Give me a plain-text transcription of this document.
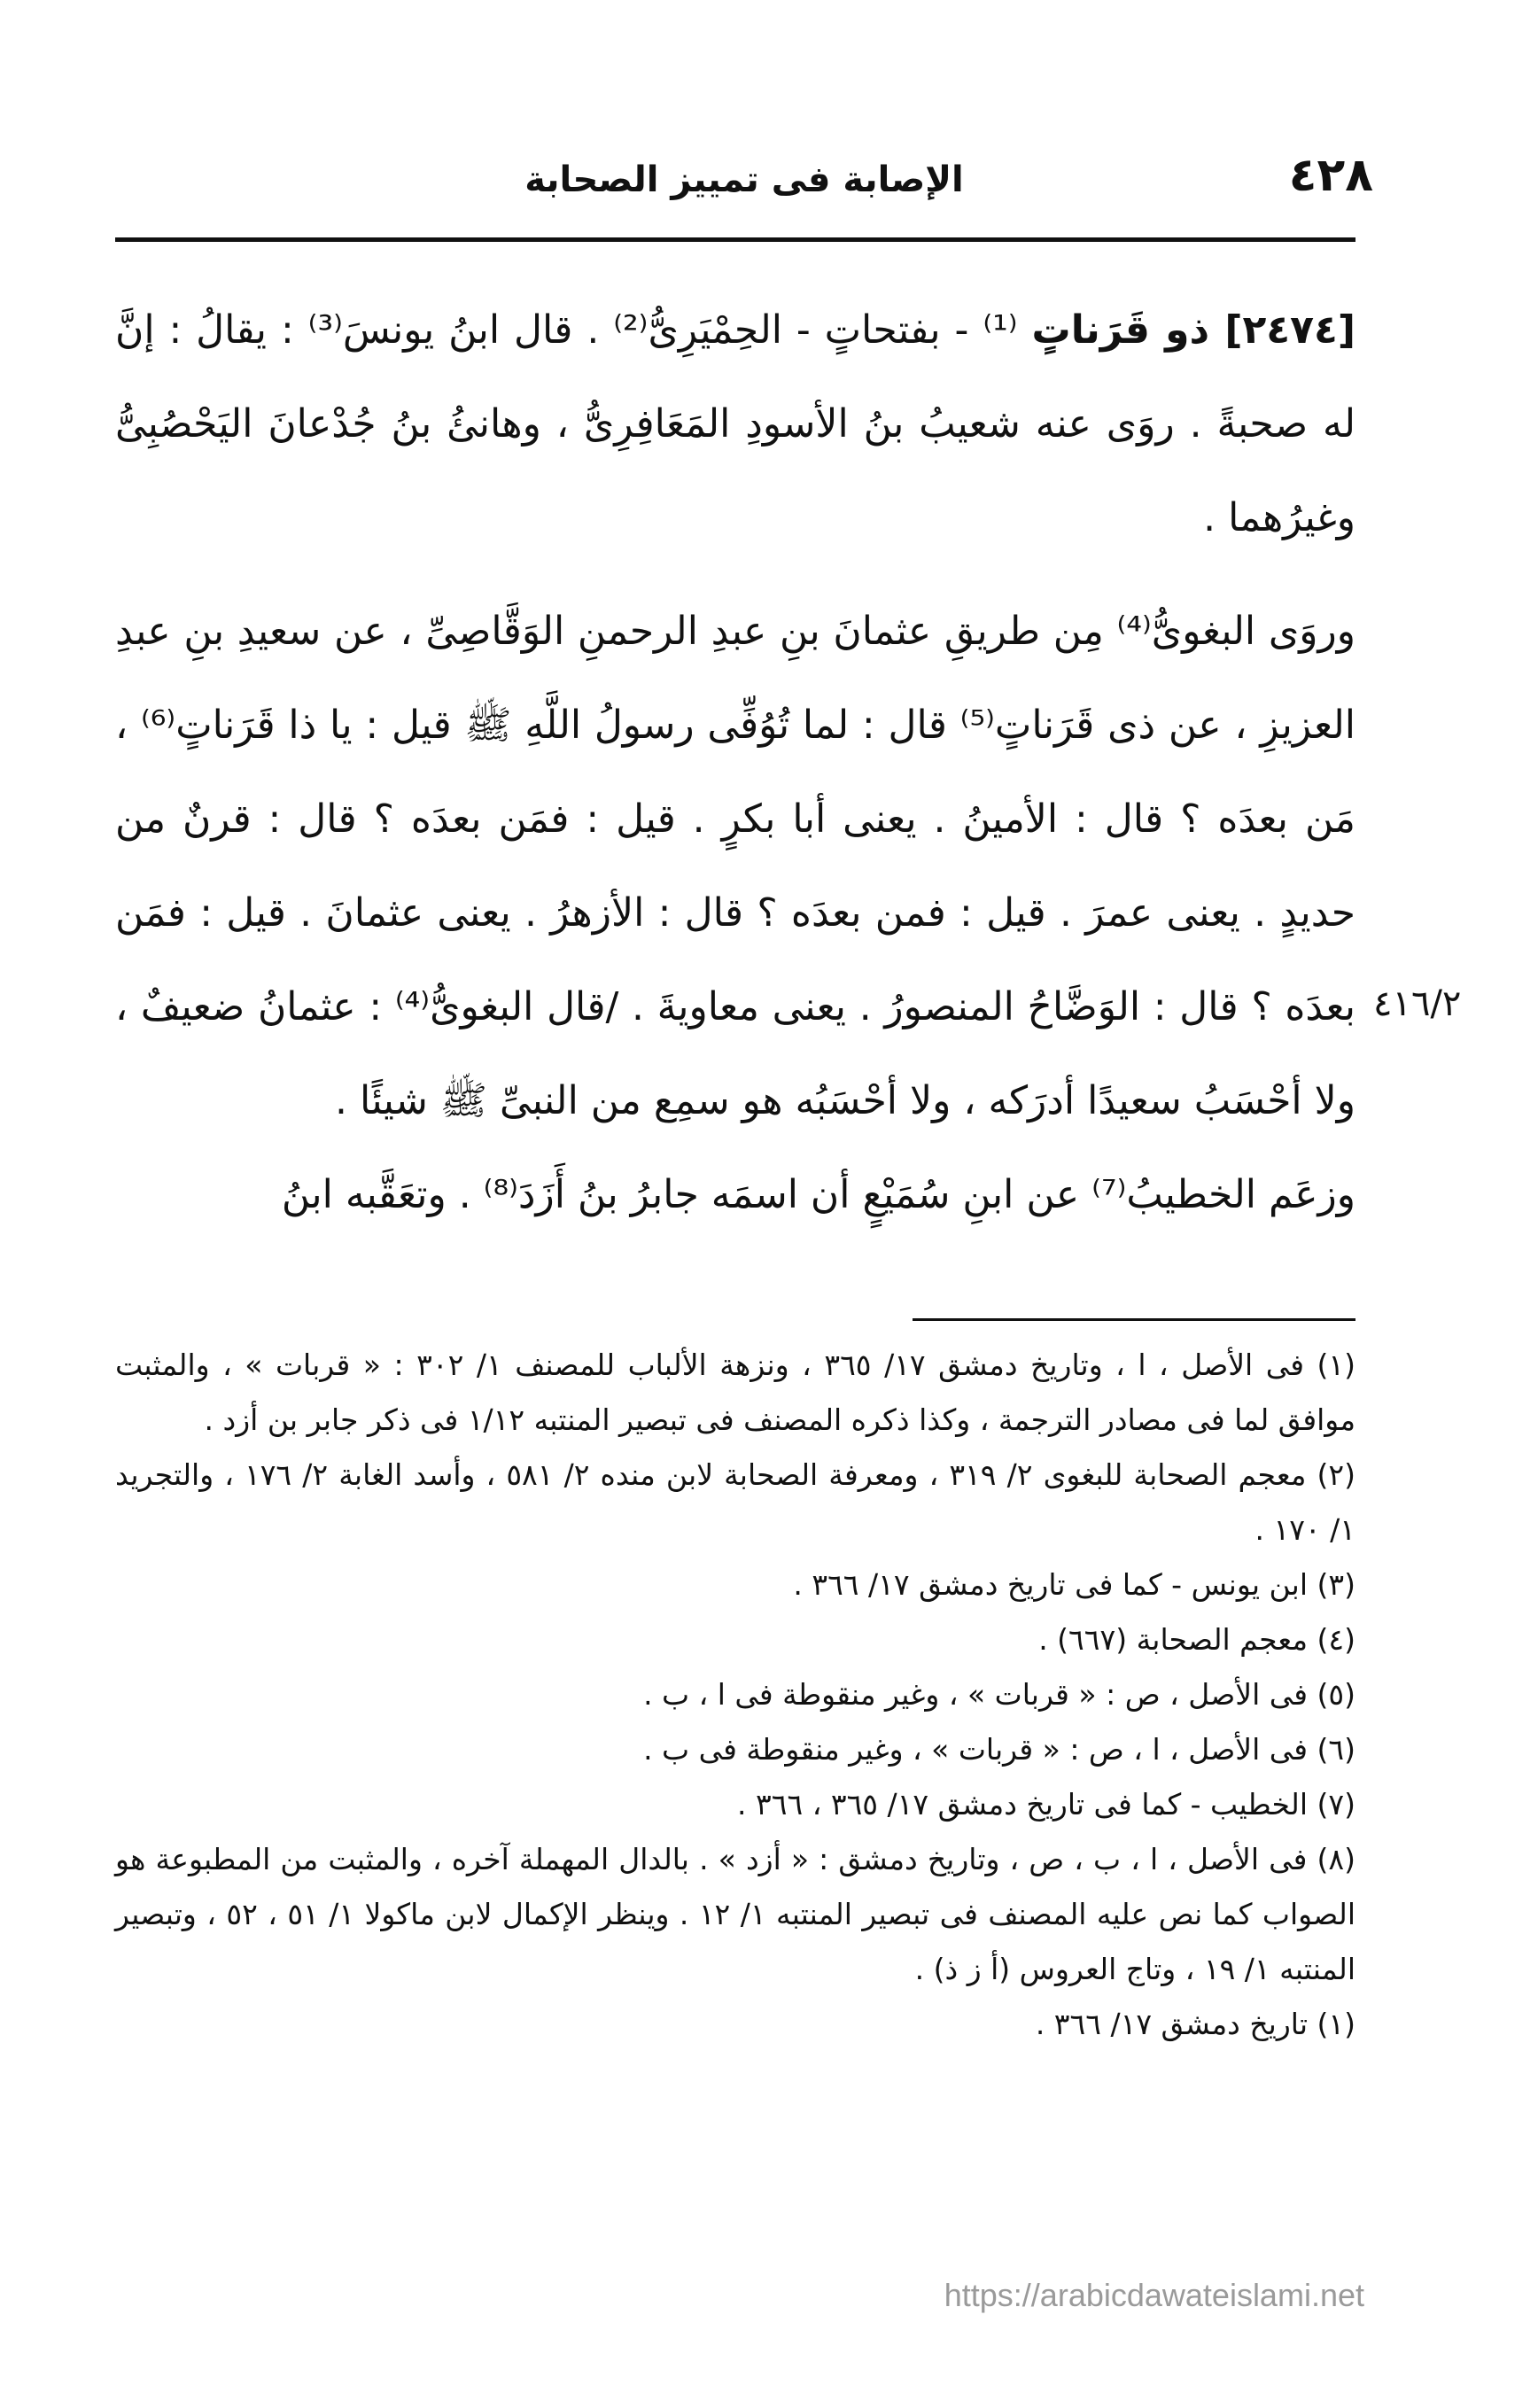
٤٢٨
الإصابة فى تمييز الصحابة

[٢٤٧٤] ذو قَرَناتٍ ⁽¹⁾ - بفتحاتٍ - الحِمْيَرِىُّ⁽²⁾ . قال ابنُ يونسَ⁽³⁾ : يقالُ : إنَّ له صحبةً . روَى عنه شعيبُ بنُ الأسودِ المَعَافِرِىُّ ، وهانئُ بنُ جُدْعانَ اليَحْصُبِىُّ وغيرُهما .

وروَى البغوىُّ⁽⁴⁾ مِن طريقِ عثمانَ بنِ عبدِ الرحمنِ الوَقَّاصِىِّ ، عن سعيدِ بنِ عبدِ العزيزِ ، عن ذى قَرَناتٍ⁽⁵⁾ قال : لما تُوُفِّى رسولُ اللَّهِ ﷺ قيل : يا ذا قَرَناتٍ⁽⁶⁾ ، مَن بعدَه ؟ قال : الأمينُ . يعنى أبا بكرٍ . قيل : فمَن بعدَه ؟ قال : قرنٌ من حديدٍ . يعنى عمرَ . قيل : فمن بعدَه ؟ قال : الأزهرُ . يعنى عثمانَ . قيل : فمَن بعدَه ؟ قال : الوَضَّاحُ المنصورُ . يعنى معاويةَ . /قال البغوىُّ⁽⁴⁾ : عثمانُ ضعيفٌ ، ولا أحْسَبُ سعيدًا أدرَكه ، ولا أحْسَبُه هو سمِع من النبىِّ ﷺ شيئًا .

وزعَم الخطيبُ⁽⁷⁾ عن ابنِ سُمَيْعٍ أن اسمَه جابرُ بنُ أَزَدَ⁽⁸⁾ . وتعَقَّبه ابنُ

٤١٦/٢

(١) فى الأصل ، ا ، وتاريخ دمشق ١٧/ ٣٦٥ ، ونزهة الألباب للمصنف ١/ ٣٠٢ : « قربات » ، والمثبت موافق لما فى مصادر الترجمة ، وكذا ذكره المصنف فى تبصير المنتبه ١/١٢ فى ذكر جابر بن أزد .

(٢) معجم الصحابة للبغوى ٢/ ٣١٩ ، ومعرفة الصحابة لابن منده ٢/ ٥٨١ ، وأسد الغابة ٢/ ١٧٦ ، والتجريد ١/ ١٧٠ .

(٣) ابن يونس - كما فى تاريخ دمشق ١٧/ ٣٦٦ .

(٤) معجم الصحابة (٦٦٧) .

(٥) فى الأصل ، ص : « قربات » ، وغير منقوطة فى ا ، ب .

(٦) فى الأصل ، ا ، ص : « قربات » ، وغير منقوطة فى ب .

(٧) الخطيب - كما فى تاريخ دمشق ١٧/ ٣٦٥ ، ٣٦٦ .

(٨) فى الأصل ، ا ، ب ، ص ، وتاريخ دمشق : « أزد » . بالدال المهملة آخره ، والمثبت من المطبوعة هو الصواب كما نص عليه المصنف فى تبصير المنتبه ١/ ١٢ . وينظر الإكمال لابن ماكولا ١/ ٥١ ، ٥٢ ، وتبصير المنتبه ١/ ١٩ ، وتاج العروس (أ ز ذ) .

(١) تاريخ دمشق ١٧/ ٣٦٦ .

https://arabicdawateislami.net
